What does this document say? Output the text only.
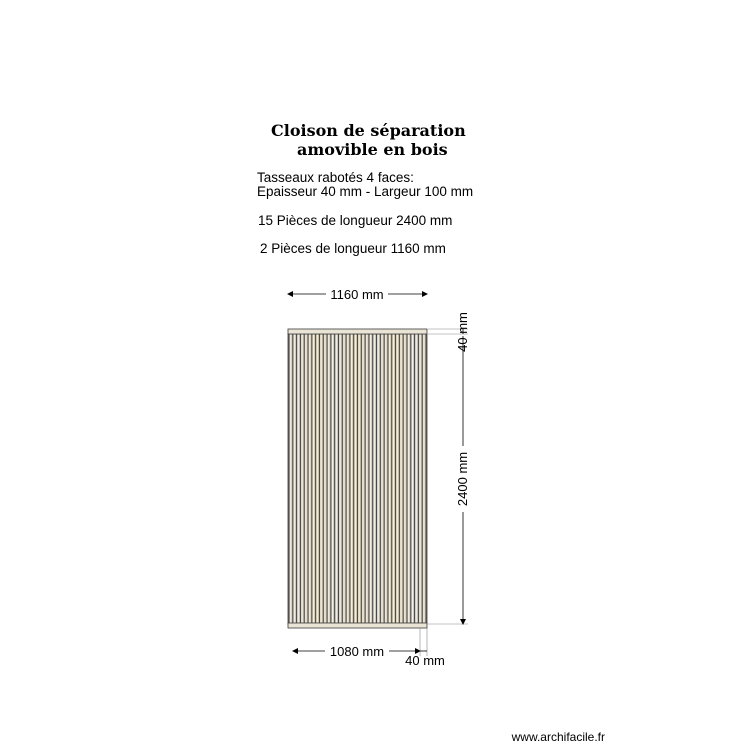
Cloison de séparation
amovible en bois
Tasseaux rabotés 4 faces:
Epaisseur 40 mm - Largeur 100 mm
15 Pièces de longueur 2400 mm
2 Pièces de longueur 1160 mm
1160 mm
40 mm
2400 mm
1080 mm
40 mm
www.archifacile.fr
